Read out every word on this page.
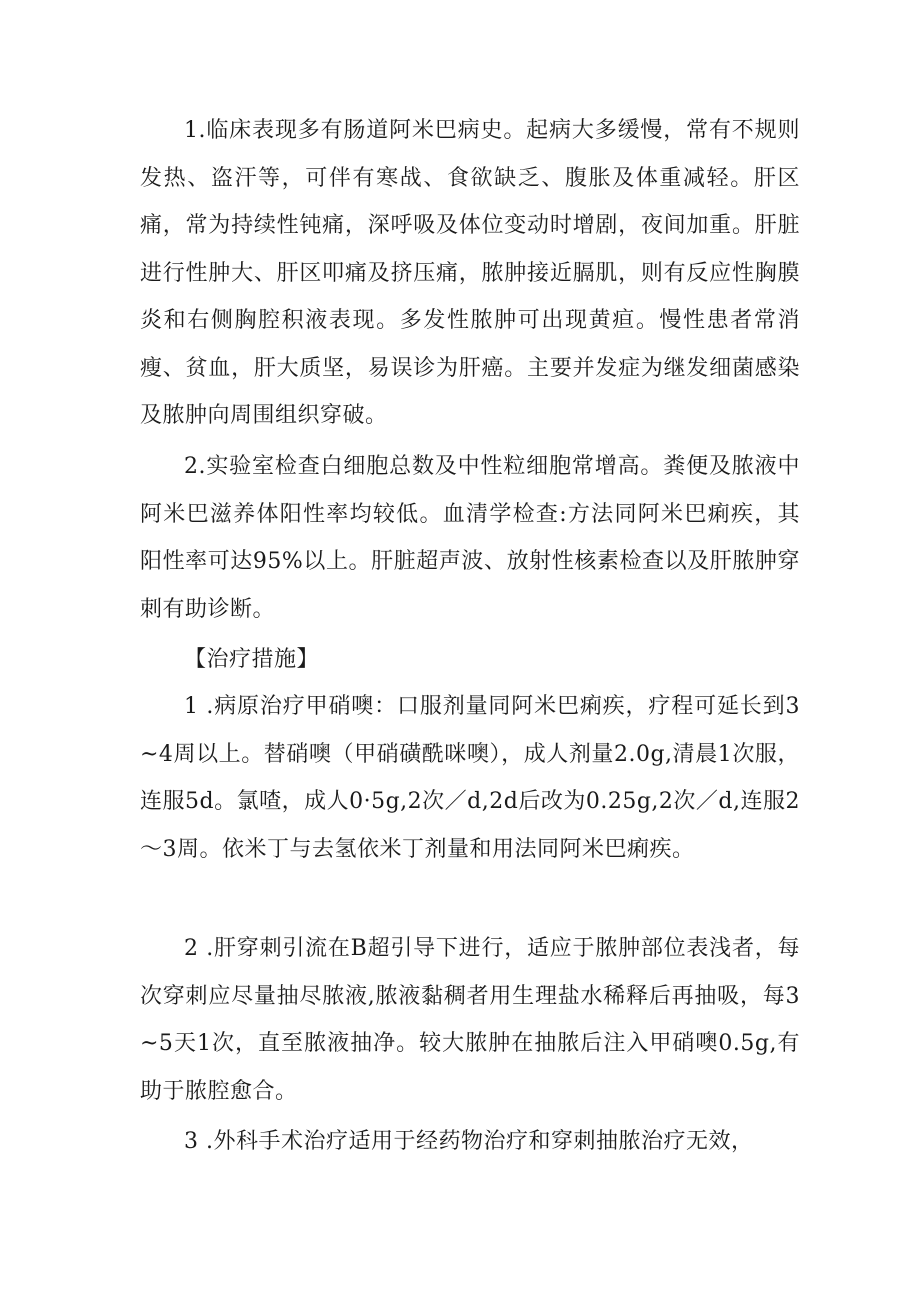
1.临床表现多有肠道阿米巴病史。起病大多缓慢，常有不规则发热、盗汗等，可伴有寒战、食欲缺乏、腹胀及体重减轻。肝区痛，常为持续性钝痛，深呼吸及体位变动时增剧，夜间加重。肝脏进行性肿大、肝区叩痛及挤压痛，脓肿接近膈肌，则有反应性胸膜炎和右侧胸腔积液表现。多发性脓肿可出现黄疸。慢性患者常消瘦、贫血，肝大质坚，易误诊为肝癌。主要并发症为继发细菌感染及脓肿向周围组织穿破。

2.实验室检查白细胞总数及中性粒细胞常增高。粪便及脓液中阿米巴滋养体阳性率均较低。血清学检查:方法同阿米巴痢疾，其阳性率可达95%以上。肝脏超声波、放射性核素检查以及肝脓肿穿刺有助诊断。

【治疗措施】

1 .病原治疗甲硝噢：口服剂量同阿米巴痢疾，疗程可延长到3~4周以上。替硝噢（甲硝磺酰咪噢），成人剂量2.0g,清晨1次服，连服5d。氯喳，成人0·5g,2次／d,2d后改为0.25g,2次／d,连服2～3周。依米丁与去氢依米丁剂量和用法同阿米巴痢疾。

2 .肝穿刺引流在B超引导下进行，适应于脓肿部位表浅者，每次穿刺应尽量抽尽脓液,脓液黏稠者用生理盐水稀释后再抽吸，每3~5天1次，直至脓液抽净。较大脓肿在抽脓后注入甲硝噢0.5g,有助于脓腔愈合。

3 .外科手术治疗适用于经药物治疗和穿刺抽脓治疗无效，
